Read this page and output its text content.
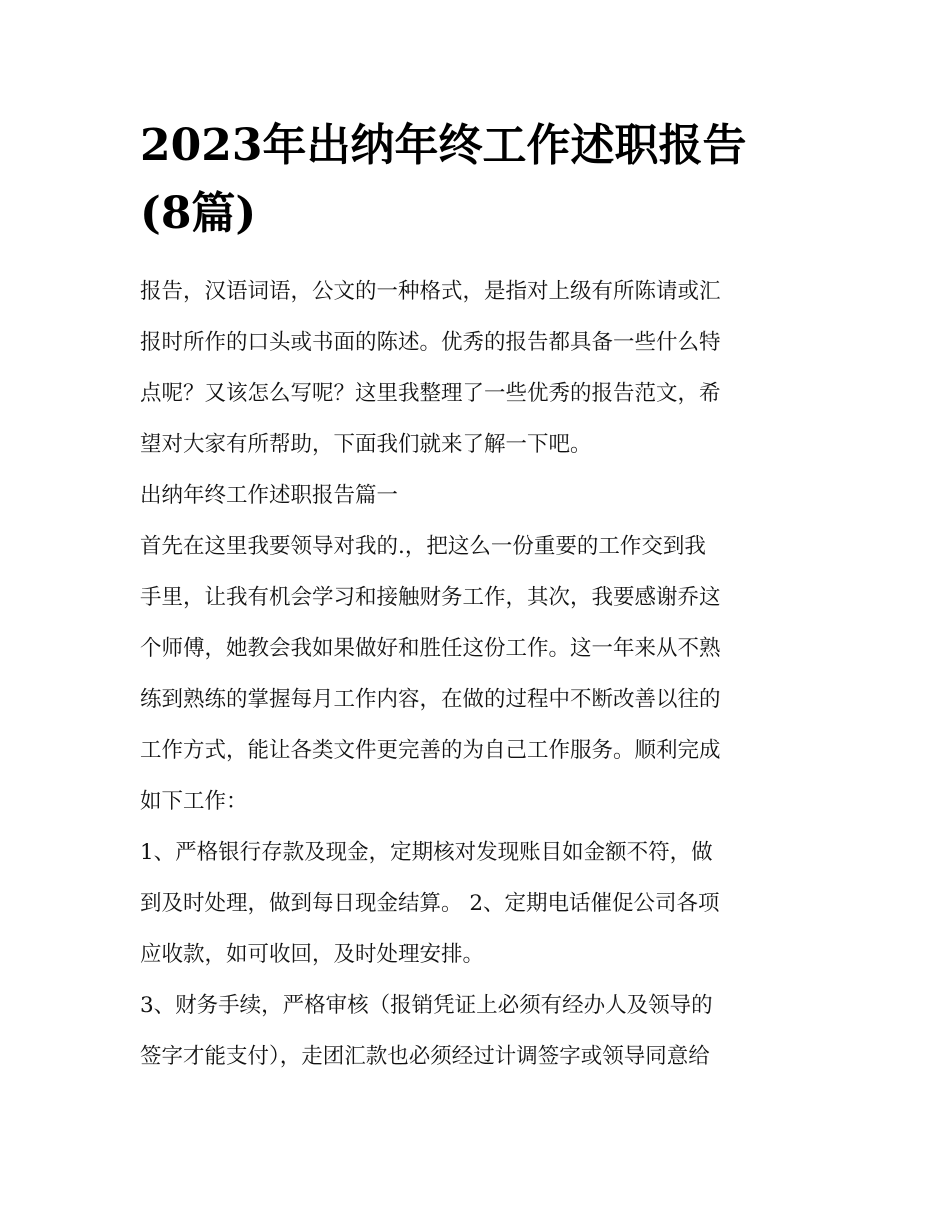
2023年出纳年终工作述职报告
(8篇)

报告，汉语词语，公文的一种格式，是指对上级有所陈请或汇
报时所作的口头或书面的陈述。优秀的报告都具备一些什么特
点呢？又该怎么写呢？这里我整理了一些优秀的报告范文，希
望对大家有所帮助，下面我们就来了解一下吧。

出纳年终工作述职报告篇一

首先在这里我要领导对我的.，把这么一份重要的工作交到我
手里，让我有机会学习和接触财务工作，其次，我要感谢乔这
个师傅，她教会我如果做好和胜任这份工作。这一年来从不熟
练到熟练的掌握每月工作内容，在做的过程中不断改善以往的
工作方式，能让各类文件更完善的为自己工作服务。顺利完成
如下工作：

1、严格银行存款及现金，定期核对发现账目如金额不符，做
到及时处理，做到每日现金结算。 2、定期电话催促公司各项
应收款，如可收回，及时处理安排。

3、财务手续，严格审核（报销凭证上必须有经办人及领导的
签字才能支付），走团汇款也必须经过计调签字或领导同意给
